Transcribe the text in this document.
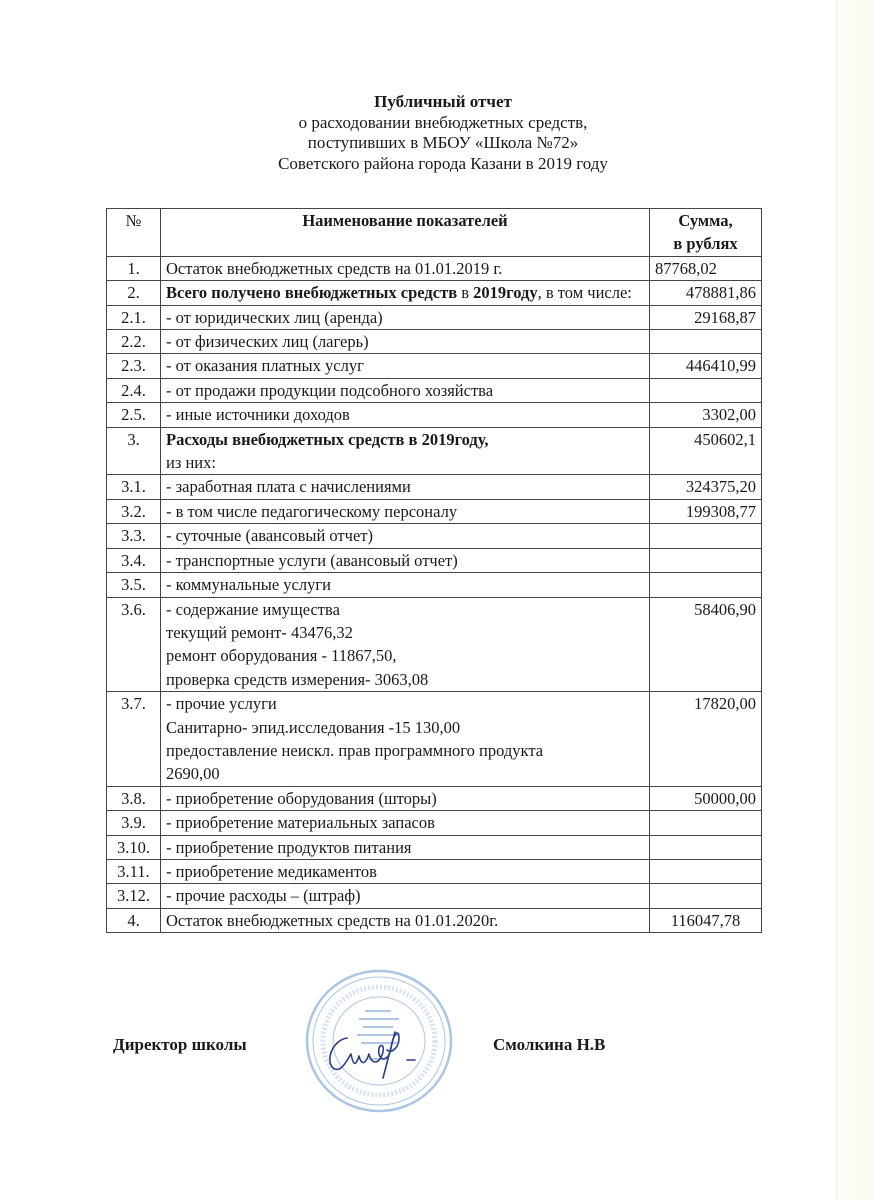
Публичный отчет
о расходовании внебюджетных средств,
поступивших в МБОУ «Школа №72»
Советского района города Казани в 2019 году
№	Наименование показателей	Сумма,
в рублях

1.	Остаток внебюджетных средств на 01.01.2019 г.	87768,02
2.	Всего получено внебюджетных средств в 2019году, в том числе:	478881,86
2.1.	- от юридических лиц (аренда)	29168,87
2.2.	- от физических лиц (лагерь)	
2.3.	- от оказания платных услуг	446410,99
2.4.	- от продажи продукции подсобного хозяйства	
2.5.	- иные источники доходов	3302,00
3.	Расходы внебюджетных средств в 2019году,
из них:	450602,1
3.1.	- заработная плата с начислениями	324375,20
3.2.	- в том числе педагогическому персоналу	199308,77
3.3.	- суточные (авансовый отчет)	
3.4.	- транспортные услуги (авансовый отчет)	
3.5.	- коммунальные услуги	
3.6.	- содержание имущества
текущий ремонт- 43476,32
ремонт оборудования - 11867,50,
проверка средств измерения- 3063,08	58406,90
3.7.	- прочие услуги
Санитарно- эпид.исследования -15 130,00
предоставление неискл. прав программного продукта
2690,00	17820,00
3.8.	- приобретение оборудования (шторы)	50000,00
3.9.	- приобретение материальных запасов	
3.10.	- приобретение продуктов питания	
3.11.	- приобретение медикаментов	
3.12.	- прочие расходы – (штраф)	
4.	Остаток внебюджетных средств на 01.01.2020г.	116047,78
Директор школы	Смолкина Н.В
